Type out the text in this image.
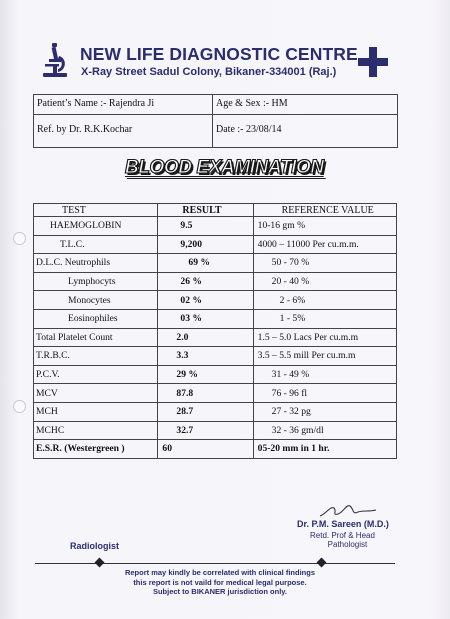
NEW LIFE DIAGNOSTIC CENTRE
X-Ray Street Sadul Colony, Bikaner-334001 (Raj.)
Patient’s Name :- Rajendra Ji	Age & Sex :- HM
Ref. by Dr. R.K.Kochar	Date :- 23/08/14
BLOOD EXAMINATION
TEST	RESULT	REFERENCE VALUE
HAEMOGLOBIN	9.5	10-16 gm %
T.L.C.	9,200	4000 – 11000 Per cu.m.m.
D.L.C. Neutrophils	69 %	50 - 70 %
Lymphocyts	26 %	20 - 40 %
Monocytes	02 %	2 - 6%
Eosinophiles	03 %	1 - 5%
Total Platelet Count	2.0	1.5 – 5.0 Lacs Per cu.m.m
T.R.B.C.	3.3	3.5 – 5.5 mill Per cu.m.m
P.C.V.	29 %	31 - 49 %
MCV	87.8	76 - 96 fl
MCH	28.7	27 - 32 pg
MCHC	32.7	32 - 36 gm/dl
E.S.R. (Westergreen )	60	05-20 mm in 1 hr.
Dr. P.M. Sareen (M.D.)
Retd. Prof & Head
Pathologist
Radiologist
Report may kindly be correlated with clinical findings
this report is not vaild for medical legal purpose.
Subject to BIKANER jurisdiction only.
